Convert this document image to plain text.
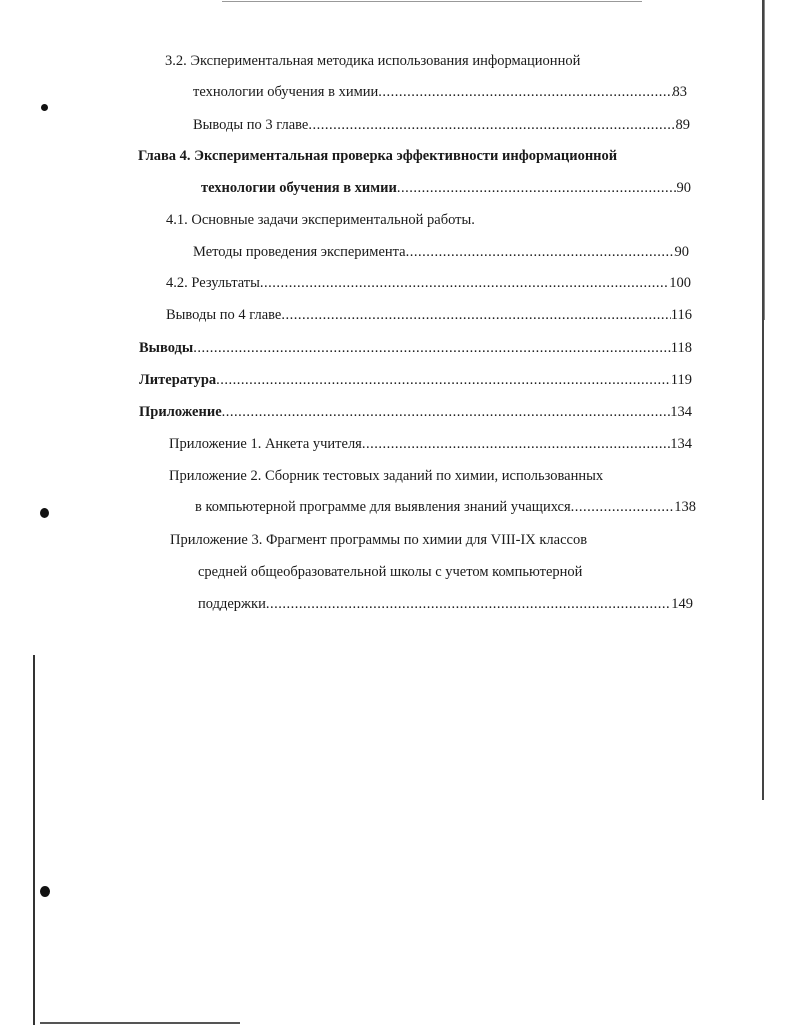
3.2. Экспериментальная методика использования информационной
технологии обучения в химии .....	83
Выводы по 3 главе .....	89
Глава 4. Экспериментальная проверка эффективности информационной
технологии обучения в химии .....	90
4.1. Основные задачи экспериментальной работы.
Методы проведения эксперимента .....	90
4.2. Результаты .....	100
Выводы по 4 главе .....	116
Выводы .....	118
Литература .....	119
Приложение .....	134
Приложение 1. Анкета учителя .....	134
Приложение 2. Сборник тестовых заданий по химии, использованных
в компьютерной программе для выявления знаний учащихся .....	138
Приложение 3. Фрагмент программы по химии для VIII-IX классов
средней общеобразовательной школы с учетом компьютерной
поддержки .....	149
